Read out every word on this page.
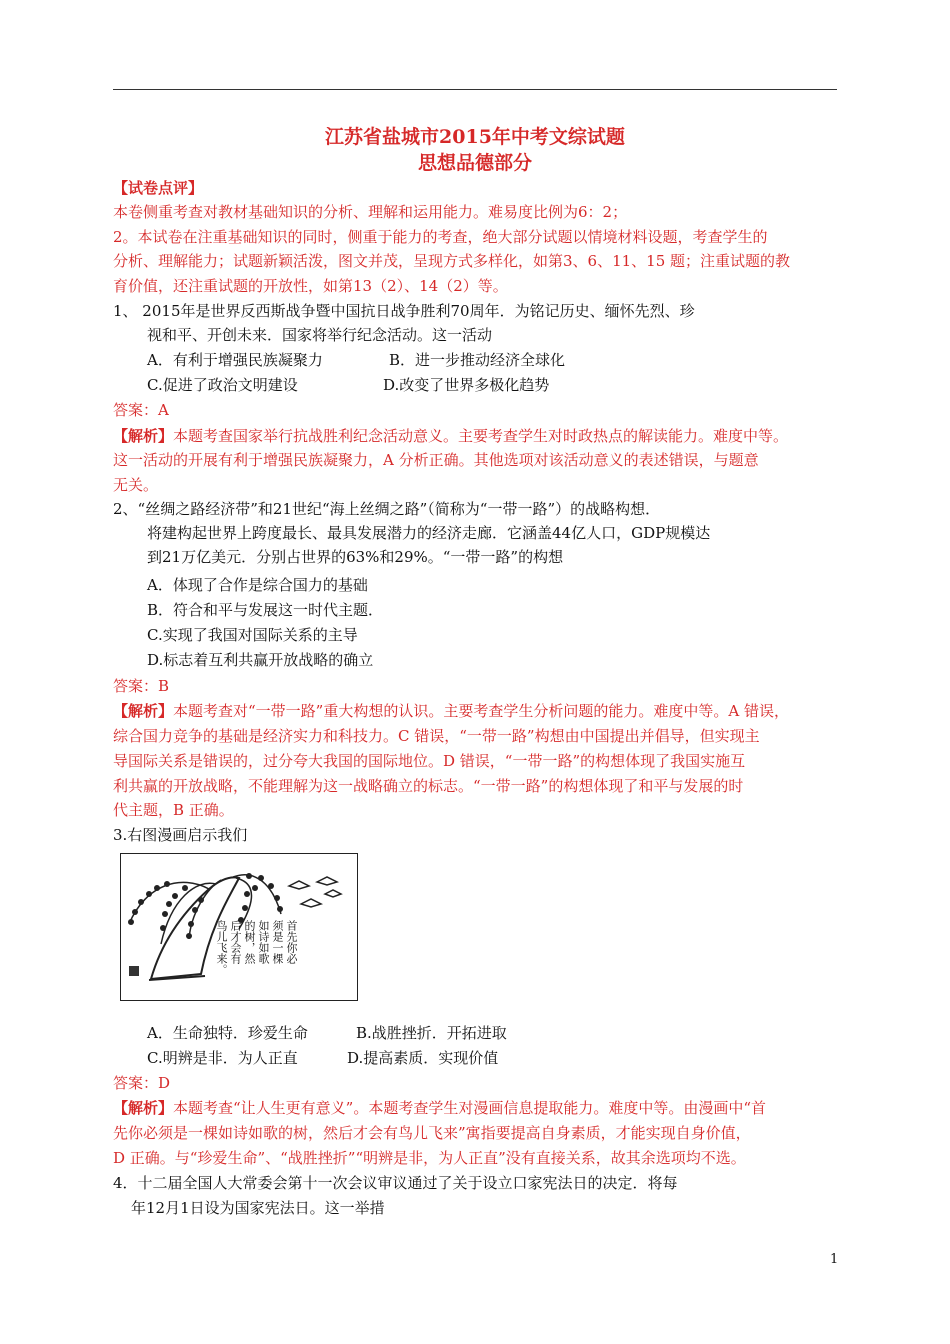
江苏省盐城市2015年中考文综试题
思想品德部分
【试卷点评】
本卷侧重考查对教材基础知识的分析、理解和运用能力。难易度比例为6：2；
2。本试卷在注重基础知识的同时，侧重于能力的考查，绝大部分试题以情境材料设题，考查学生的
分析、理解能力；试题新颖活泼，图文并茂，呈现方式多样化，如第3、6、11、15 题；注重试题的教
育价值，还注重试题的开放性，如第13（2）、14（2）等。
1、 2015年是世界反西斯战争暨中国抗日战争胜利70周年．为铭记历史、缅怀先烈、珍
视和平、开创未来．国家将举行纪念活动。这一活动
A．有利于增强民族凝聚力	B．进一步推动经济全球化
C.促进了政治文明建设	D.改变了世界多极化趋势
答案：A
【解析】本题考查国家举行抗战胜利纪念活动意义。主要考查学生对时政热点的解读能力。难度中等。
这一活动的开展有利于增强民族凝聚力，A 分析正确。其他选项对该活动意义的表述错误，与题意
无关。
2、“丝绸之路经济带”和21世纪“海上丝绸之路”（简称为“一带一路”）的战略构想．
将建构起世界上跨度最长、最具发展潜力的经济走廊．它涵盖44亿人口，GDP规模达
到21万亿美元．分别占世界的63%和29%。“一带一路”的构想
A．体现了合作是综合国力的基础
B．符合和平与发展这一时代主题．
C.实现了我国对国际关系的主导
D.标志着互利共赢开放战略的确立
答案：B
【解析】本题考查对“一带一路”重大构想的认识。主要考查学生分析问题的能力。难度中等。A 错误，
综合国力竞争的基础是经济实力和科技力。C 错误，“一带一路”构想由中国提出并倡导，但实现主
导国际关系是错误的，过分夸大我国的国际地位。D 错误，“一带一路”的构想体现了我国实施互
利共赢的开放战略，不能理解为这一战略确立的标志。“一带一路”的构想体现了和平与发展的时
代主题，B 正确。
3.右图漫画启示我们
首先你必
须是一棵
如诗如歌
的树，然
后才会有
鸟儿飞来。
A．生命独特．珍爱生命	B.战胜挫折．开拓进取
C.明辨是非．为人正直	D.提高素质．实现价值
答案：D
【解析】本题考查“让人生更有意义”。本题考查学生对漫画信息提取能力。难度中等。由漫画中“首
先你必须是一棵如诗如歌的树，然后才会有鸟儿飞来”寓指要提高自身素质，才能实现自身价值，
D 正确。与“珍爱生命”、“战胜挫折”“明辨是非，为人正直”没有直接关系，故其余选项均不选。
4．十二届全国人大常委会第十一次会议审议通过了关于设立口家宪法日的决定．将每
年12月1日设为国家宪法日。这一举措
1
